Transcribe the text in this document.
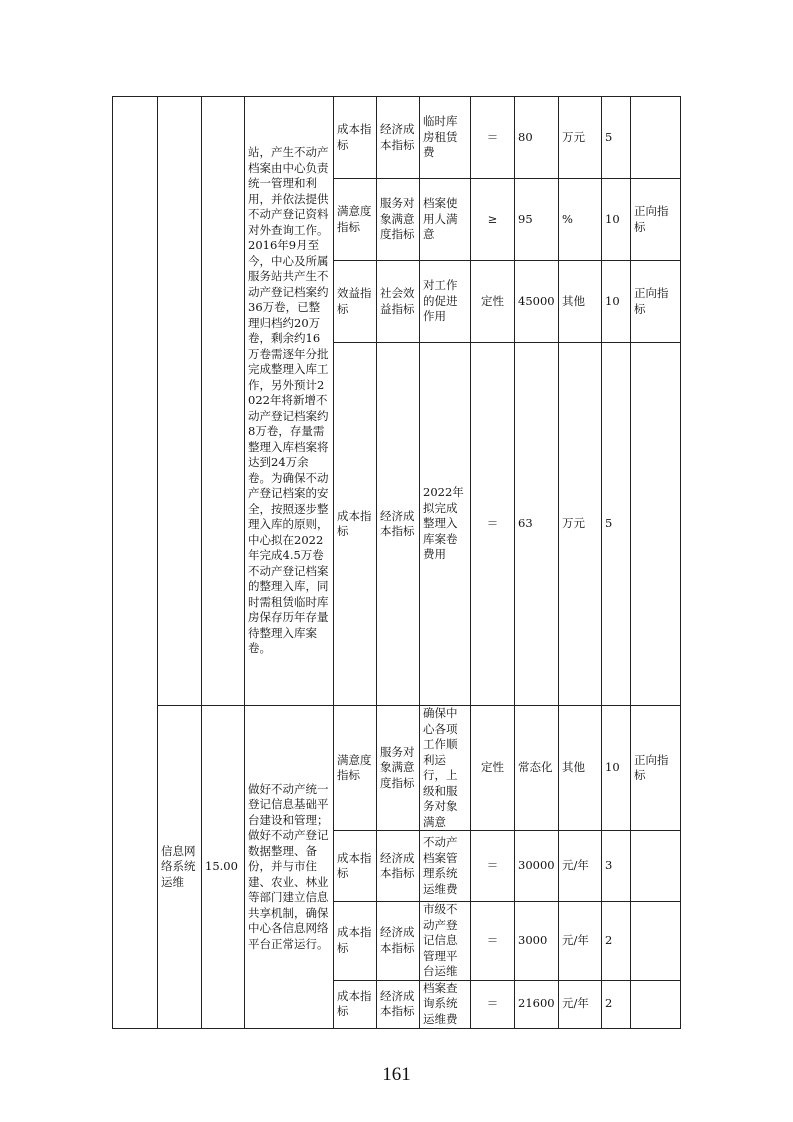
			站，产生不动产档案由中心负责统一管理和利用，并依法提供不动产登记资料对外查询工作。2016年9月至今，中心及所属服务站共产生不动产登记档案约36万卷，已整理归档约20万卷，剩余约16万卷需逐年分批完成整理入库工作，另外预计2022年将新增不动产登记档案约8万卷，存量需整理入库档案将达到24万余卷。为确保不动产登记档案的安全，按照逐步整理入库的原则，中心拟在2022年完成4.5万卷不动产登记档案的整理入库，同时需租赁临时库房保存历年存量待整理入库案卷。	成本指标	经济成本指标	临时库房租赁费	＝	80	万元	5	
				满意度指标	服务对象满意度指标	档案使用人满意	≥	95	%	10	正向指标
				效益指标	社会效益指标	对工作的促进作用	定性	45000	其他	10	正向指标
				成本指标	经济成本指标	2022年拟完成整理入库案卷费用	＝	63	万元	5	
	信息网络系统运维	15.00	做好不动产统一登记信息基础平台建设和管理；做好不动产登记数据整理、备份，并与市住建、农业、林业等部门建立信息共享机制，确保中心各信息网络平台正常运行。	满意度指标	服务对象满意度指标	确保中心各项工作顺利运行，上级和服务对象满意	定性	常态化	其他	10	正向指标
				成本指标	经济成本指标	不动产档案管理系统运维费	＝	30000	元/年	3	
				成本指标	经济成本指标	市级不动产登记信息管理平台运维	＝	3000	元/年	2	
				成本指标	经济成本指标	档案查询系统运维费	＝	21600	元/年	2	
161
